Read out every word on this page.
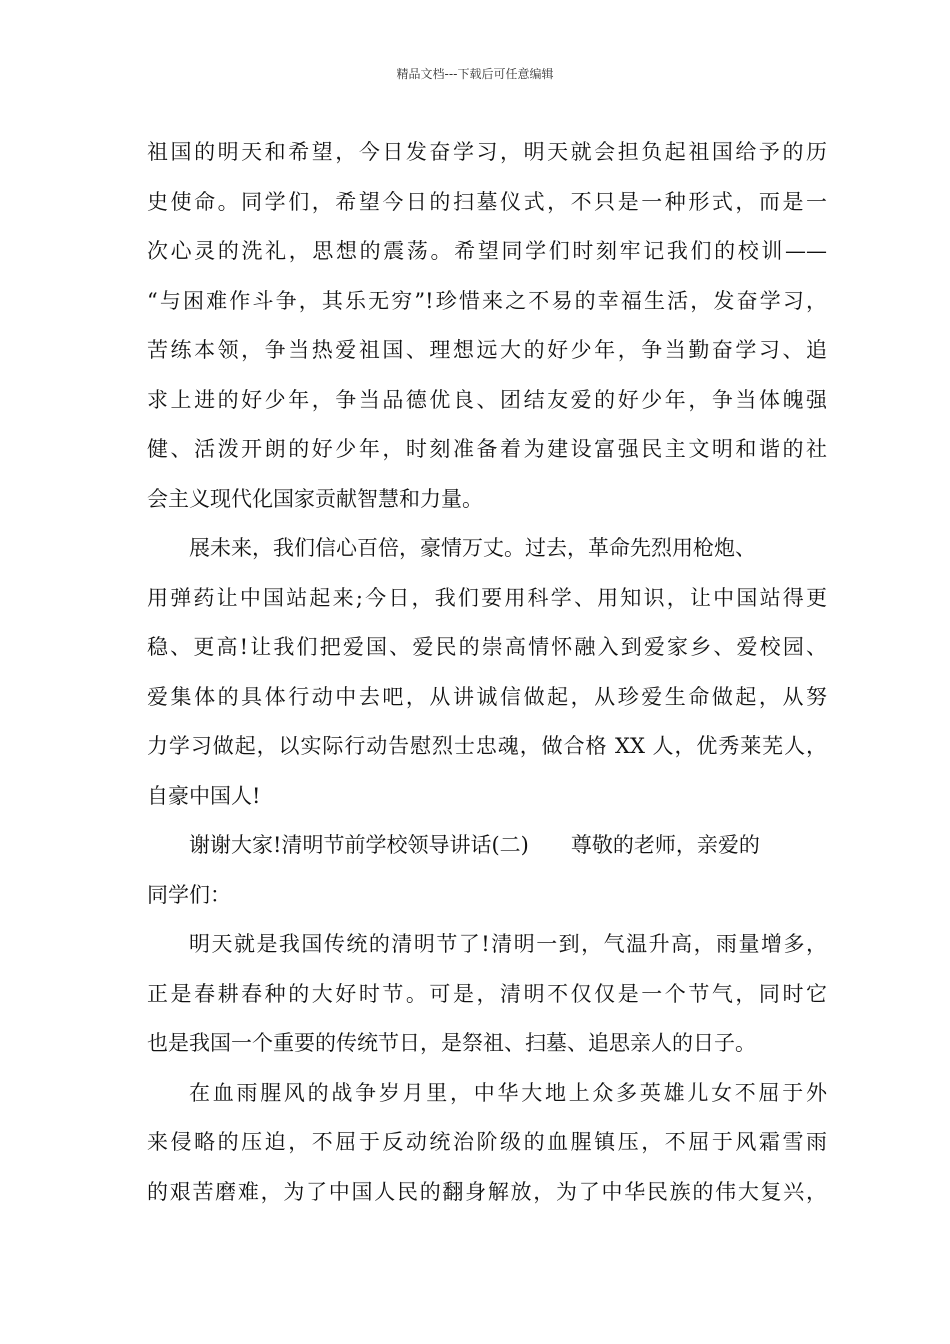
精品文档---下载后可任意编辑
祖国的明天和希望，今日发奋学习，明天就会担负起祖国给予的历
史使命。同学们，希望今日的扫墓仪式，不只是一种形式，而是一
次心灵的洗礼，思想的震荡。希望同学们时刻牢记我们的校训——
“与困难作斗争，其乐无穷”!珍惜来之不易的幸福生活，发奋学习，
苦练本领，争当热爱祖国、理想远大的好少年，争当勤奋学习、追
求上进的好少年，争当品德优良、团结友爱的好少年，争当体魄强
健、活泼开朗的好少年，时刻准备着为建设富强民主文明和谐的社
会主义现代化国家贡献智慧和力量。
展未来，我们信心百倍，豪情万丈。过去，革命先烈用枪炮、
用弹药让中国站起来;今日，我们要用科学、用知识，让中国站得更
稳、更高!让我们把爱国、爱民的崇高情怀融入到爱家乡、爱校园、
爱集体的具体行动中去吧，从讲诚信做起，从珍爱生命做起，从努
力学习做起，以实际行动告慰烈士忠魂，做合格 XX 人，优秀莱芜人，
自豪中国人!
谢谢大家!清明节前学校领导讲话(二)　　尊敬的老师，亲爱的
同学们：
明天就是我国传统的清明节了!清明一到，气温升高，雨量增多，
正是春耕春种的大好时节。可是，清明不仅仅是一个节气，同时它
也是我国一个重要的传统节日，是祭祖、扫墓、追思亲人的日子。
在血雨腥风的战争岁月里，中华大地上众多英雄儿女不屈于外
来侵略的压迫，不屈于反动统治阶级的血腥镇压，不屈于风霜雪雨
的艰苦磨难，为了中国人民的翻身解放，为了中华民族的伟大复兴，
